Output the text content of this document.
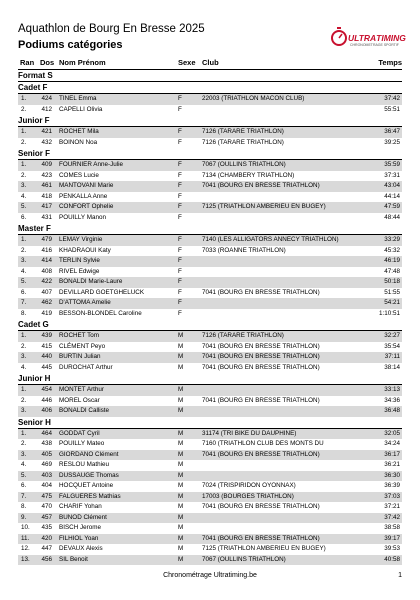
Aquathlon de Bourg En Bresse 2025
Podiums catégories
ULTRATIMING
CHRONOMETRAGE SPORTIF
Ran Dos Nom Prénom	Sexe Club	Temps
Format S
Cadet F
1.	424 TINEL Emma	F	22003 (TRIATHLON MACON CLUB)	37:42
2.	412 CAPELLI Olivia	F	55:51
Junior F
1.	421 ROCHET Mila	F	7126 (TARARE TRIATHLON)	36:47
2.	432 BOINON Noa	F	7126 (TARARE TRIATHLON)	39:25
Senior F
1.	409 FOURNIER Anne-Julie	F	7067 (OULLINS TRIATHLON)	35:59
2.	423 COMES Lucie	F	7134 (CHAMBERY TRIATHLON)	37:31
3.	461 MANTOVANI Marie	F	7041 (BOURG EN BRESSE TRIATHLON)	43:04
4.	418 PENKALLA Anne	F	44:14
5.	417 CONFORT Ophelie	F	7125 (TRIATHLON AMBERIEU EN BUGEY)	47:59
6.	431 POUILLY Manon	F	48:44
Master F
1.	479 LEMAY Virginie	F	7140 (LES ALLIGATORS ANNECY TRIATHLON)	33:29
2.	416 KHADRAOUI Katy	F	7033 (ROANNE TRIATHLON)	45:32
3.	414 TERLIN Sylvie	F	46:19
4.	408 RIVEL Edwige	F	47:48
5.	422 BONALDI Marie-Laure	F	50:18
6.	407 DEVILLARD GOETGHELUCK	F	7041 (BOURG EN BRESSE TRIATHLON)	51:55
7.	462 D'ATTOMA Amelie	F	54:21
8.	419 BESSON-BLONDEL Caroline	F	1:10:51
Cadet G
1.	439 ROCHET Tom	M	7126 (TARARE TRIATHLON)	32:27
2.	415 CLÉMENT Peyo	M	7041 (BOURG EN BRESSE TRIATHLON)	35:54
3.	440 BURTIN Julian	M	7041 (BOURG EN BRESSE TRIATHLON)	37:11
4.	445 DUROCHAT Arthur	M	7041 (BOURG EN BRESSE TRIATHLON)	38:14
Junior H
1.	454 MONTET Arthur	M	33:13
2.	446 MOREL Oscar	M	7041 (BOURG EN BRESSE TRIATHLON)	34:36
3.	406 BONALDI Calliste	M	36:48
Senior H
1.	464 GODDAT Cyril	M	31174 (TRI BIKE DU DAUPHINE)	32:05
2.	438 POUILLY Mateo	M	7160 (TRIATHLON CLUB DES MONTS DU	34:24
3.	405 GIORDANO Clément	M	7041 (BOURG EN BRESSE TRIATHLON)	36:17
4.	469 RESLOU Mathieu	M	36:21
5.	403 DUSSAUGE Thomas	M	36:30
6.	404 HOCQUET Antoine	M	7024 (TRISPIRIDON OYONNAX)	36:39
7.	475 FALGUERES Mathias	M	17003 (BOURGES TRIATHLON)	37:03
8.	470 CHARIF Yohan	M	7041 (BOURG EN BRESSE TRIATHLON)	37:21
9.	457 BUNOD Clément	M	37:42
10.	435 BISCH Jerome	M	38:58
11.	420 FILHIOL Yoan	M	7041 (BOURG EN BRESSE TRIATHLON)	39:17
12.	447 DEVAUX Alexis	M	7125 (TRIATHLON AMBERIEU EN BUGEY)	39:53
13.	456 SIL Benoit	M	7067 (OULLINS TRIATHLON)	40:58
Chronométrage Ultratiming.be	1
